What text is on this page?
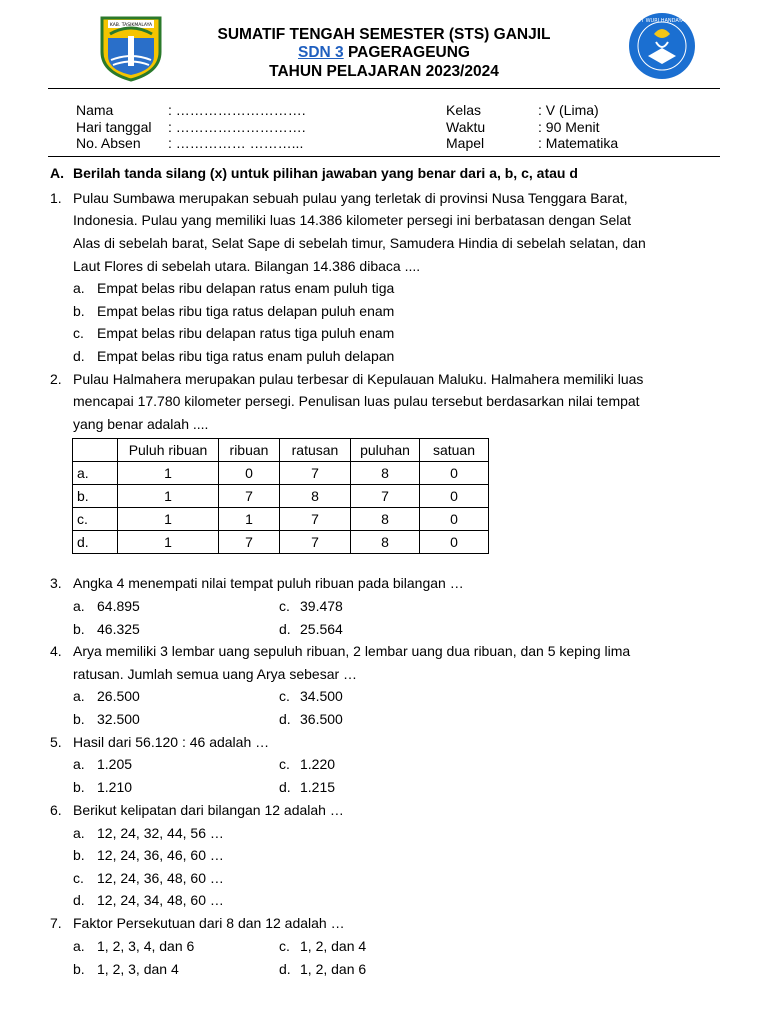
KAB. TASIKMALAYA
TUT WURI HANDAYANI
SUMATIF TENGAH SEMESTER (STS) GANJIL
SDN 3 PAGERAGEUNG
TAHUN PELAJARAN 2023/2024
Nama	: ……………………….
Hari tanggal : ……………………….
No. Absen : …………… ………...
Kelas	: V (Lima)
Waktu	: 90 Menit
Mapel	: Matematika
A. Berilah tanda silang (x) untuk pilihan jawaban yang benar dari a, b, c, atau d
1. Pulau Sumbawa merupakan sebuah pulau yang terletak di provinsi Nusa Tenggara Barat,
Indonesia. Pulau yang memiliki luas 14.386 kilometer persegi ini berbatasan dengan Selat
Alas di sebelah barat, Selat Sape di sebelah timur, Samudera Hindia di sebelah selatan, dan
Laut Flores di sebelah utara. Bilangan 14.386 dibaca ....
a. Empat belas ribu delapan ratus enam puluh tiga
b. Empat belas ribu tiga ratus delapan puluh enam
c. Empat belas ribu delapan ratus tiga puluh enam
d. Empat belas ribu tiga ratus enam puluh delapan
2. Pulau Halmahera merupakan pulau terbesar di Kepulauan Maluku. Halmahera memiliki luas
mencapai 17.780 kilometer persegi. Penulisan luas pulau tersebut berdasarkan nilai tempat
yang benar adalah ....
	Puluh ribuan	ribuan	ratusan	puluhan	satuan
a.	1	0	7	8	0
b.	1	7	8	7	0
c.	1	1	7	8	0
d.	1	7	7	8	0
3. Angka 4 menempati nilai tempat puluh ribuan pada bilangan …
a. 64.895	c. 39.478
b. 46.325	d. 25.564
4. Arya memiliki 3 lembar uang sepuluh ribuan, 2 lembar uang dua ribuan, dan 5 keping lima
ratusan. Jumlah semua uang Arya sebesar …
a. 26.500	c. 34.500
b. 32.500	d. 36.500
5. Hasil dari 56.120 : 46 adalah …
a. 1.205	c. 1.220
b. 1.210	d. 1.215
6. Berikut kelipatan dari bilangan 12 adalah …
a. 12, 24, 32, 44, 56 …
b. 12, 24, 36, 46, 60 …
c. 12, 24, 36, 48, 60 …
d. 12, 24, 34, 48, 60 …
7. Faktor Persekutuan dari 8 dan 12 adalah …
a. 1, 2, 3, 4, dan 6	c. 1, 2, dan 4
b. 1, 2, 3, dan 4	d. 1, 2, dan 6
